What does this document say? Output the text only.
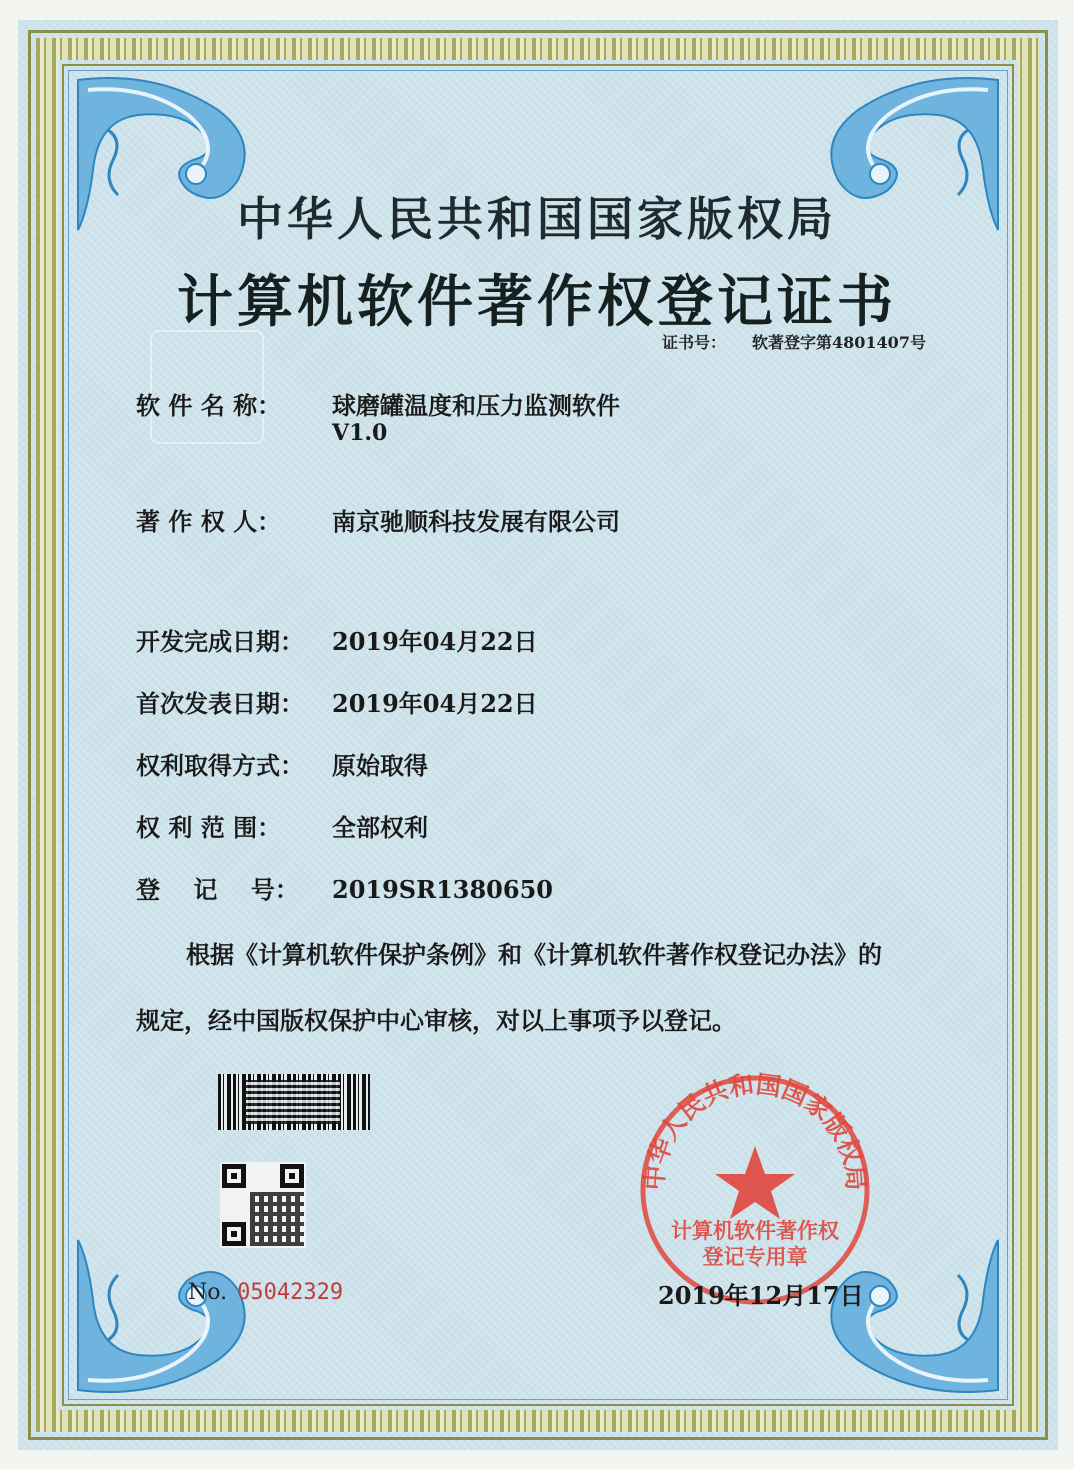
中华人民共和国国家版权局
计算机软件著作权登记证书
证书号： 软著登字第4801407号
软 件 名 称： 球磨罐温度和压力监测软件
V1.0
著 作 权 人： 南京驰顺科技发展有限公司
开发完成日期： 2019年04月22日
首次发表日期： 2019年04月22日
权利取得方式： 原始取得
权 利 范 围： 全部权利
登    记    号： 2019SR1380650
根据《计算机软件保护条例》和《计算机软件著作权登记办法》的
规定，经中国版权保护中心审核，对以上事项予以登记。
No. 05042329
中华人民共和国国家版权局
计算机软件著作权
登记专用章
2019年12月17日
